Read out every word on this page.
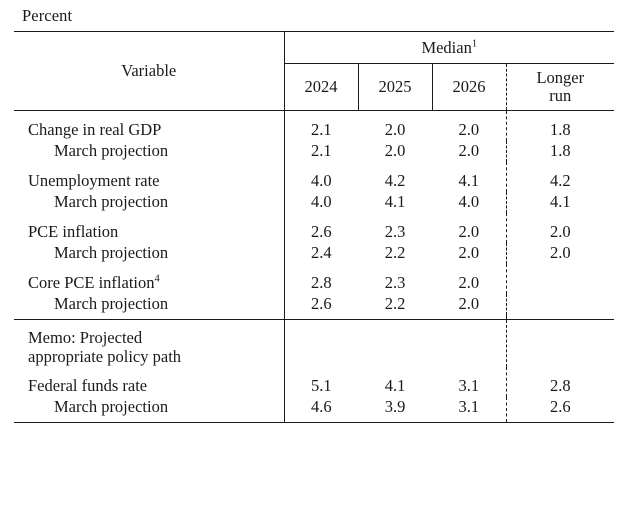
Percent
Variable	Median$^1$
	2024	2025	2026	Longer
run
Change in real GDP	2.1	2.0	2.0	1.8
March projection	2.1	2.0	2.0	1.8
Unemployment rate	4.0	4.2	4.1	4.2
March projection	4.0	4.1	4.0	4.1
PCE inflation	2.6	2.3	2.0	2.0
March projection	2.4	2.2	2.0	2.0
Core PCE inflation$^4$	2.8	2.3	2.0	
March projection	2.6	2.2	2.0	

Memo: Projected
appropriate policy path				
Federal funds rate	5.1	4.1	3.1	2.8
March projection	4.6	3.9	3.1	2.6
